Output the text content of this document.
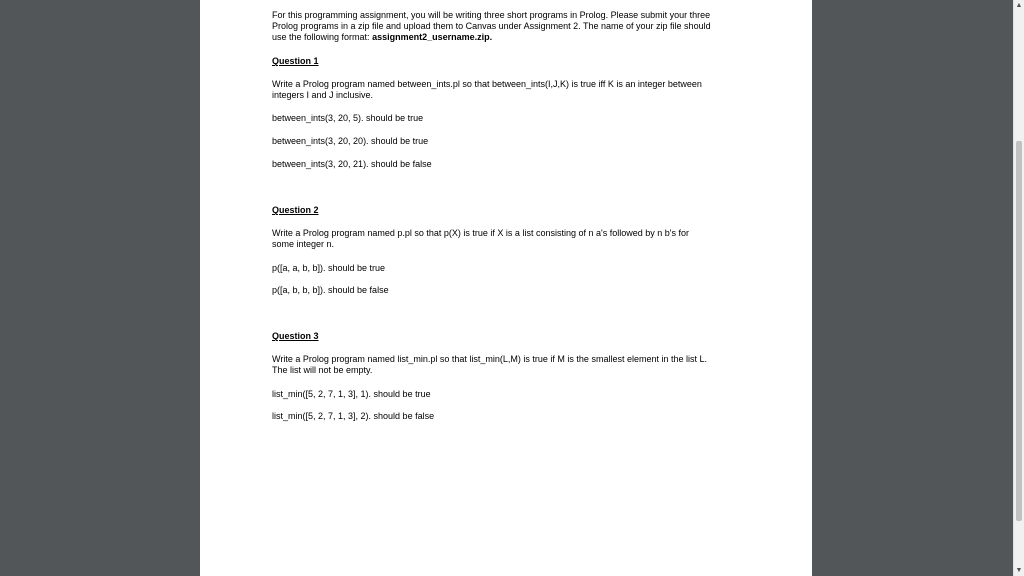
For this programming assignment, you will be writing three short programs in Prolog. Please submit your three Prolog programs in a zip file and upload them to Canvas under Assignment 2. The name of your zip file should use the following format: assignment2_username.zip.
Question 1
Write a Prolog program named between_ints.pl so that between_ints(I,J,K) is true iff K is an integer between integers I and J inclusive.
between_ints(3, 20, 5). should be true
between_ints(3, 20, 20). should be true
between_ints(3, 20, 21). should be false
Question 2
Write a Prolog program named p.pl so that p(X) is true if X is a list consisting of n a's followed by n b's for some integer n.
p([a, a, b, b]). should be true
p([a, b, b, b]). should be false
Question 3
Write a Prolog program named list_min.pl so that list_min(L,M) is true if M is the smallest element in the list L. The list will not be empty.
list_min([5, 2, 7, 1, 3], 1). should be true
list_min([5, 2, 7, 1, 3], 2). should be false
▲
▼
